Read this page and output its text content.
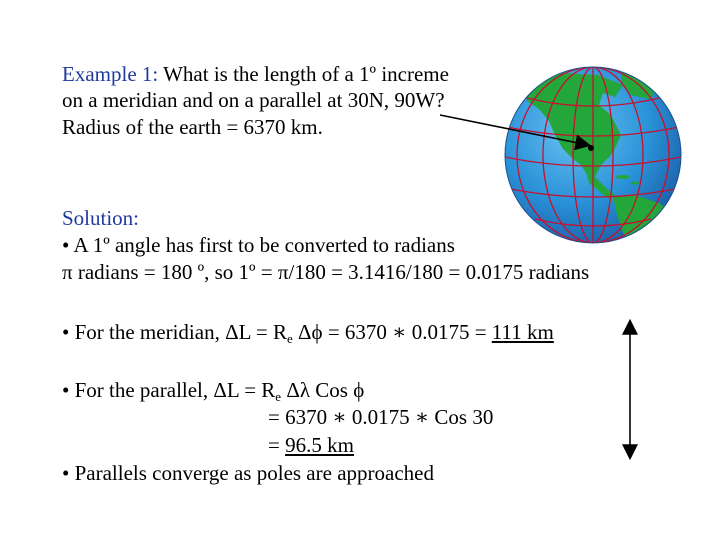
Example 1: What is the length of a 1º increme
on a meridian and on a parallel at 30N, 90W?
Radius of the earth = 6370 km.
Solution:
• A 1º angle has first to be converted to radians
π radians = 180 º, so 1º = π/180 = 3.1416/180 = 0.0175 radians
• For the meridian, $\Delta L = R_e$ Δϕ = 6370 ∗ 0.0175 = 111 km
• For the parallel, $\Delta L = R_e$ Δλ Cos ϕ
= 6370 ∗ 0.0175 ∗ Cos 30
= 96.5 km
• Parallels converge as poles are approached
